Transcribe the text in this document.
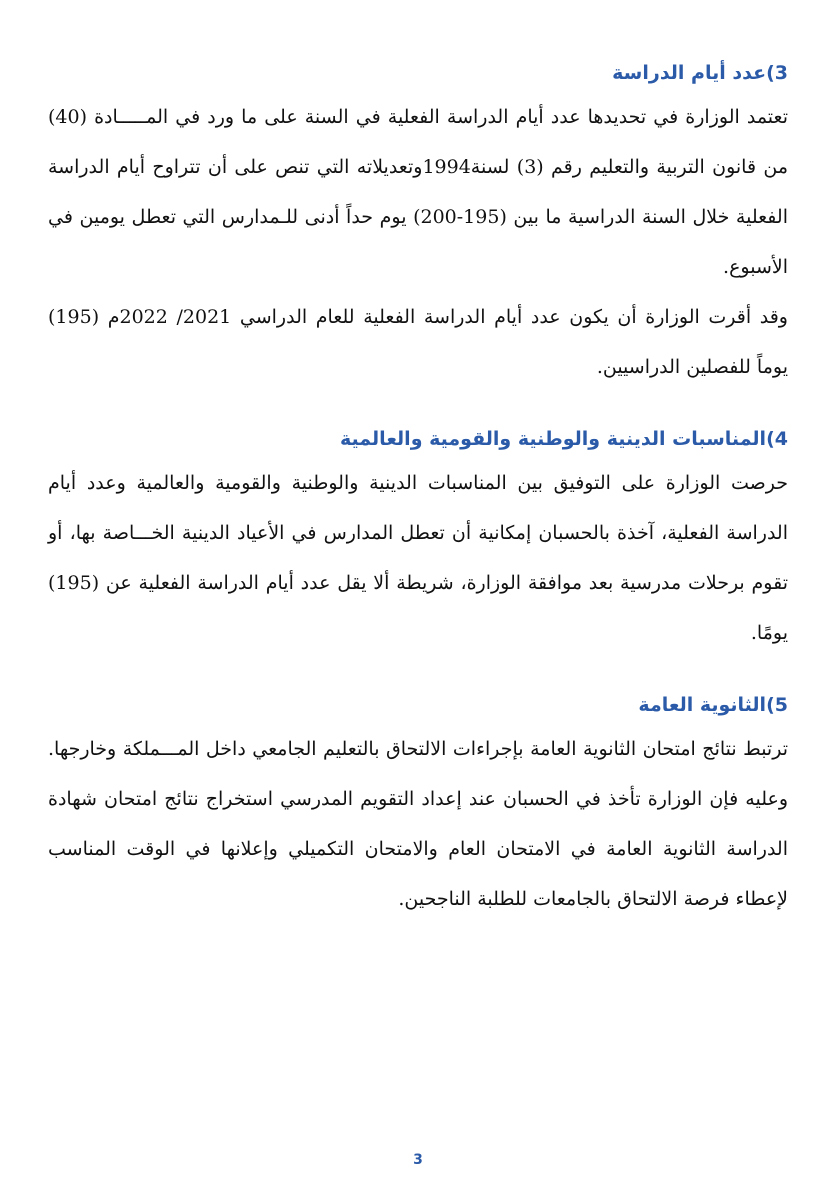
3)عدد أيام الدراسة

تعتمد الوزارة في تحديدها عدد أيام الدراسة الفعلية في السنة على ما ورد في المـــــادة (40) من قانون التربية والتعليم رقم (3) لسنة1994وتعديلاته التي تنص على أن تتراوح أيام الدراسة الفعلية خلال السنة الدراسية ما بين (195-200) يوم حداً أدنى للـمدارس التي تعطل يومين في الأسبوع.

وقد أقرت الوزارة أن يكون عدد أيام الدراسة الفعلية للعام الدراسي 2021/ 2022م (195) يوماً للفصلين الدراسيين.

4)المناسبات الدينية والوطنية والقومية والعالمية

حرصت الوزارة على التوفيق بين المناسبات الدينية والوطنية والقومية والعالمية وعدد أيام الدراسة الفعلية، آخذة بالحسبان إمكانية أن تعطل المدارس في الأعياد الدينية الخـــاصة بها، أو تقوم برحلات مدرسية بعد موافقة الوزارة، شريطة ألا يقل عدد أيام الدراسة الفعلية عن (195) يومًا.

5)الثانوية العامة

ترتبط نتائج امتحان الثانوية العامة بإجراءات الالتحاق بالتعليم الجامعي داخل المـــملكة وخارجها. وعليه فإن الوزارة تأخذ في الحسبان عند إعداد التقويم المدرسي استخراج نتائج امتحان شهادة الدراسة الثانوية العامة في الامتحان العام والامتحان التكميلي وإعلانها في الوقت المناسب لإعطاء فرصة الالتحاق بالجامعات للطلبة الناجحين.

3
